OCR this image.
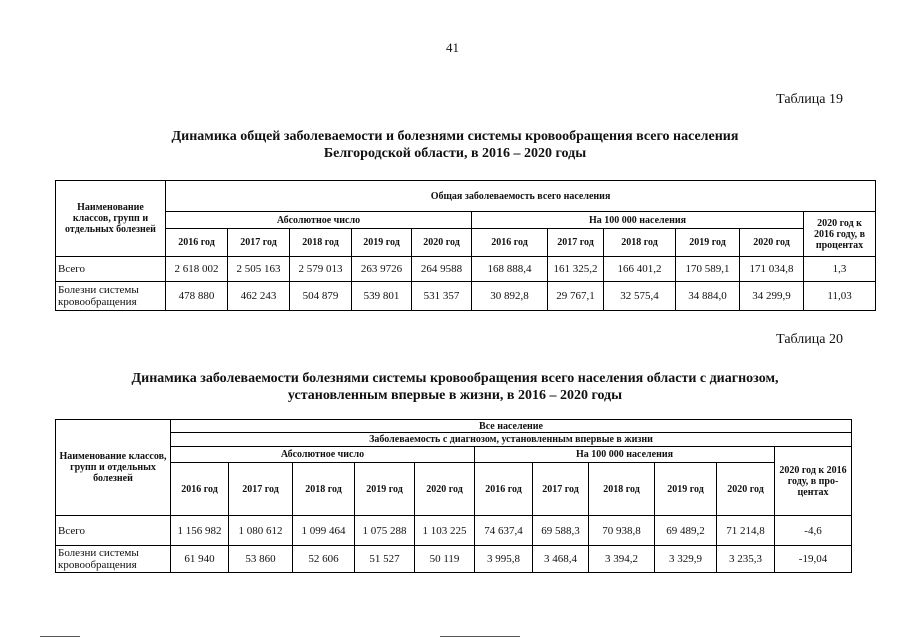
41
Таблица 19
Динамика общей заболеваемости и болезнями системы кровообращения всего населения
Белгородской области, в 2016 – 2020 годы
Наименование классов, групп и отдельных болезней	Общая заболеваемость всего населения										
	Абсолютное число					На 100 000 населения					2020 год к 2016 году, в процентах
	2016 год	2017 год	2018 год	2019 год	2020 год	2016 год	2017 год	2018 год	2019 год	2020 год	
Всего	2 618 002	2 505 163	2 579 013	263 9726	264 9588	168 888,4	161 325,2	166 401,2	170 589,1	171 034,8	1,3
Болезни системы кровообращения	478 880	462 243	504 879	539 801	531 357	30 892,8	29 767,1	32 575,4	34 884,0	34 299,9	11,03
Таблица 20
Динамика заболеваемости болезнями системы кровообращения всего населения области с диагнозом,
установленным впервые в жизни, в 2016 – 2020 годы
Наименование классов, групп и отдельных болезней	Все население										
	Заболеваемость с диагнозом, установленным впервые в жизни										
	Абсолютное число					На 100 000 населения					2020 год к 2016 году, в про-центах
	2016 год	2017 год	2018 год	2019 год	2020 год	2016 год	2017 год	2018 год	2019 год	2020 год	
Всего	1 156 982	1 080 612	1 099 464	1 075 288	1 103 225	74 637,4	69 588,3	70 938,8	69 489,2	71 214,8	-4,6
Болезни системы кровообращения	61 940	53 860	52 606	51 527	50 119	3 995,8	3 468,4	3 394,2	3 329,9	3 235,3	-19,04
